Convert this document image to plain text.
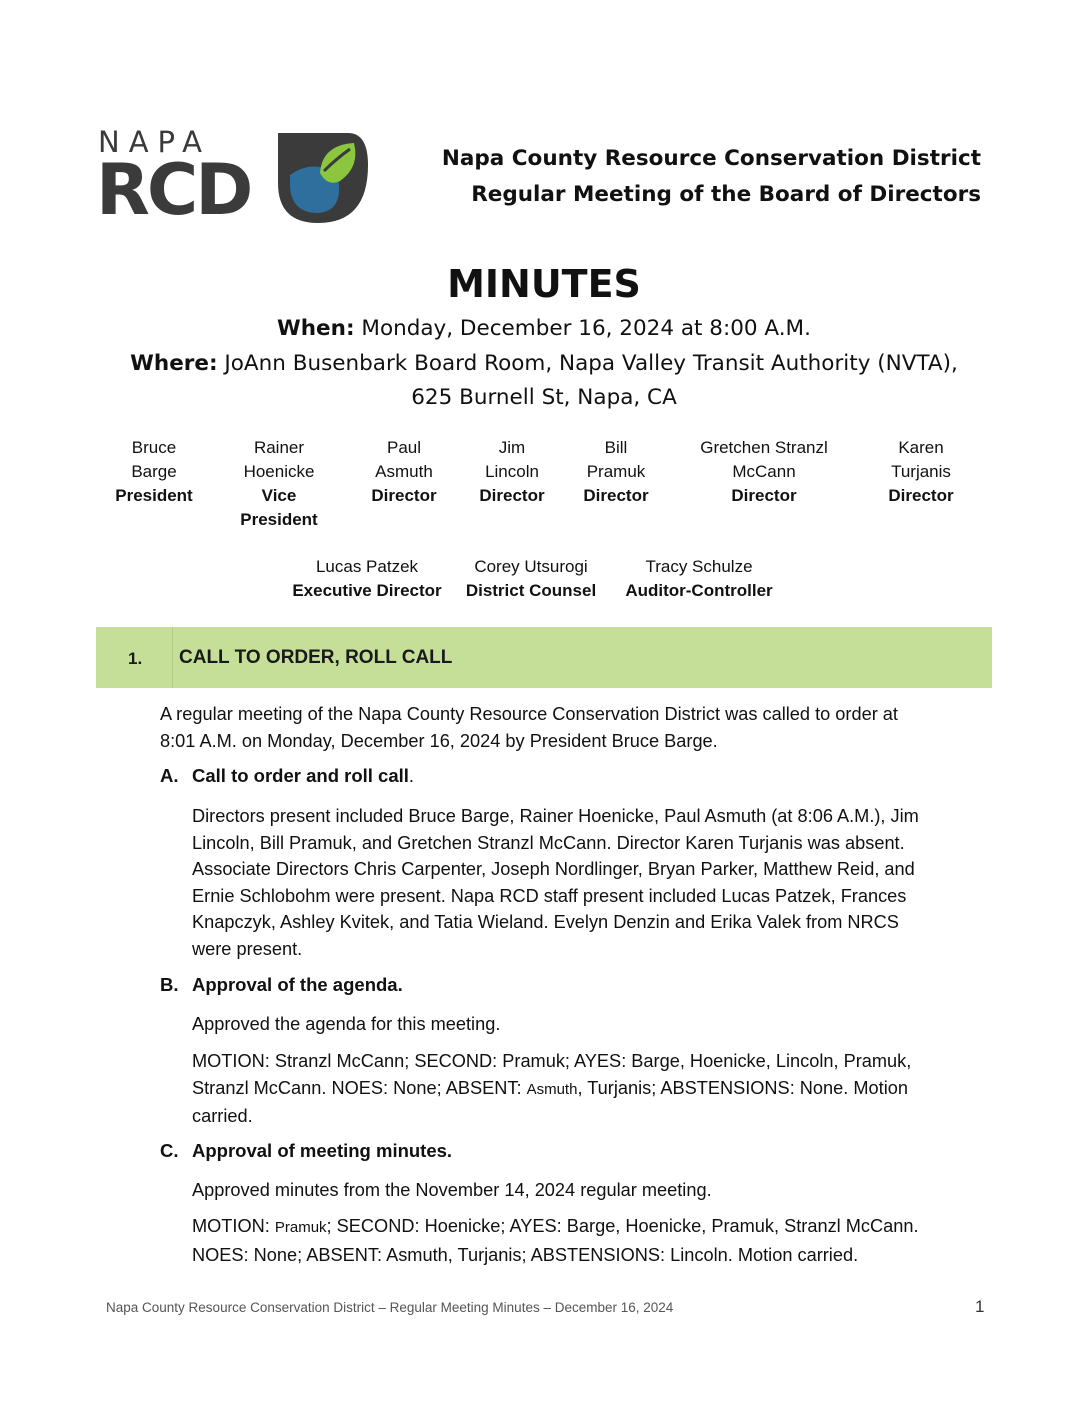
NAPA
RCD	Napa County Resource Conservation District
Regular Meeting of the Board of Directors
MINUTES
When: Monday, December 16, 2024 at 8:00 A.M.
Where: JoAnn Busenbark Board Room, Napa Valley Transit Authority (NVTA),
625 Burnell St, Napa, CA
Bruce
Barge
President
Rainer
Hoenicke
Vice
President
Paul
Asmuth
Director
Jim
Lincoln
Director
Bill
Pramuk
Director
Gretchen Stranzl
McCann
Director
Karen
Turjanis
Director
Lucas Patzek
Executive Director
Corey Utsurogi
District Counsel
Tracy Schulze
Auditor-Controller
1. CALL TO ORDER, ROLL CALL
A regular meeting of the Napa County Resource Conservation District was called to order at
8:01 A.M. on Monday, December 16, 2024 by President Bruce Barge.
A. Call to order and roll call.
Directors present included Bruce Barge, Rainer Hoenicke, Paul Asmuth (at 8:06 A.M.), Jim
Lincoln, Bill Pramuk, and Gretchen Stranzl McCann. Director Karen Turjanis was absent.
Associate Directors Chris Carpenter, Joseph Nordlinger, Bryan Parker, Matthew Reid, and
Ernie Schlobohm were present. Napa RCD staff present included Lucas Patzek, Frances
Knapczyk, Ashley Kvitek, and Tatia Wieland. Evelyn Denzin and Erika Valek from NRCS
were present.
B. Approval of the agenda.
Approved the agenda for this meeting.
MOTION: Stranzl McCann; SECOND: Pramuk; AYES: Barge, Hoenicke, Lincoln, Pramuk,
Stranzl McCann. NOES: None; ABSENT: Asmuth, Turjanis; ABSTENSIONS: None. Motion
carried.
C. Approval of meeting minutes.
Approved minutes from the November 14, 2024 regular meeting.
MOTION: Pramuk; SECOND: Hoenicke; AYES: Barge, Hoenicke, Pramuk, Stranzl McCann.
NOES: None; ABSENT: Asmuth, Turjanis; ABSTENSIONS: Lincoln. Motion carried.
Napa County Resource Conservation District – Regular Meeting Minutes – December 16, 2024	1
